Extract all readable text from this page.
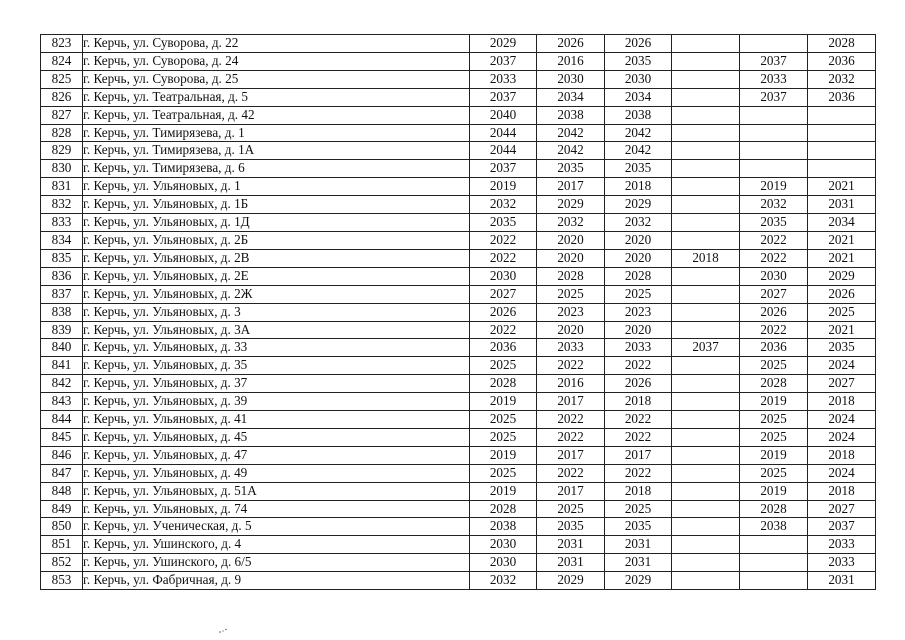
823	г. Керчь, ул. Суворова, д. 22	2029	2026	2026			2028
824	г. Керчь, ул. Суворова, д. 24	2037	2016	2035		2037	2036
825	г. Керчь, ул. Суворова, д. 25	2033	2030	2030		2033	2032
826	г. Керчь, ул. Театральная, д. 5	2037	2034	2034		2037	2036
827	г. Керчь, ул. Театральная, д. 42	2040	2038	2038			
828	г. Керчь, ул. Тимирязева, д. 1	2044	2042	2042			
829	г. Керчь, ул. Тимирязева, д. 1А	2044	2042	2042			
830	г. Керчь, ул. Тимирязева, д. 6	2037	2035	2035			
831	г. Керчь, ул. Ульяновых, д. 1	2019	2017	2018		2019	2021
832	г. Керчь, ул. Ульяновых, д. 1Б	2032	2029	2029		2032	2031
833	г. Керчь, ул. Ульяновых, д. 1Д	2035	2032	2032		2035	2034
834	г. Керчь, ул. Ульяновых, д. 2Б	2022	2020	2020		2022	2021
835	г. Керчь, ул. Ульяновых, д. 2В	2022	2020	2020	2018	2022	2021
836	г. Керчь, ул. Ульяновых, д. 2Е	2030	2028	2028		2030	2029
837	г. Керчь, ул. Ульяновых, д. 2Ж	2027	2025	2025		2027	2026
838	г. Керчь, ул. Ульяновых, д. 3	2026	2023	2023		2026	2025
839	г. Керчь, ул. Ульяновых, д. 3А	2022	2020	2020		2022	2021
840	г. Керчь, ул. Ульяновых, д. 33	2036	2033	2033	2037	2036	2035
841	г. Керчь, ул. Ульяновых, д. 35	2025	2022	2022		2025	2024
842	г. Керчь, ул. Ульяновых, д. 37	2028	2016	2026		2028	2027
843	г. Керчь, ул. Ульяновых, д. 39	2019	2017	2018		2019	2018
844	г. Керчь, ул. Ульяновых, д. 41	2025	2022	2022		2025	2024
845	г. Керчь, ул. Ульяновых, д. 45	2025	2022	2022		2025	2024
846	г. Керчь, ул. Ульяновых, д. 47	2019	2017	2017		2019	2018
847	г. Керчь, ул. Ульяновых, д. 49	2025	2022	2022		2025	2024
848	г. Керчь, ул. Ульяновых, д. 51А	2019	2017	2018		2019	2018
849	г. Керчь, ул. Ульяновых, д. 74	2028	2025	2025		2028	2027
850	г. Керчь, ул. Ученическая, д. 5	2038	2035	2035		2038	2037
851	г. Керчь, ул. Ушинского, д. 4	2030	2031	2031			2033
852	г. Керчь, ул. Ушинского, д. 6/5	2030	2031	2031			2033
853	г. Керчь, ул. Фабричная, д. 9	2032	2029	2029			2031
